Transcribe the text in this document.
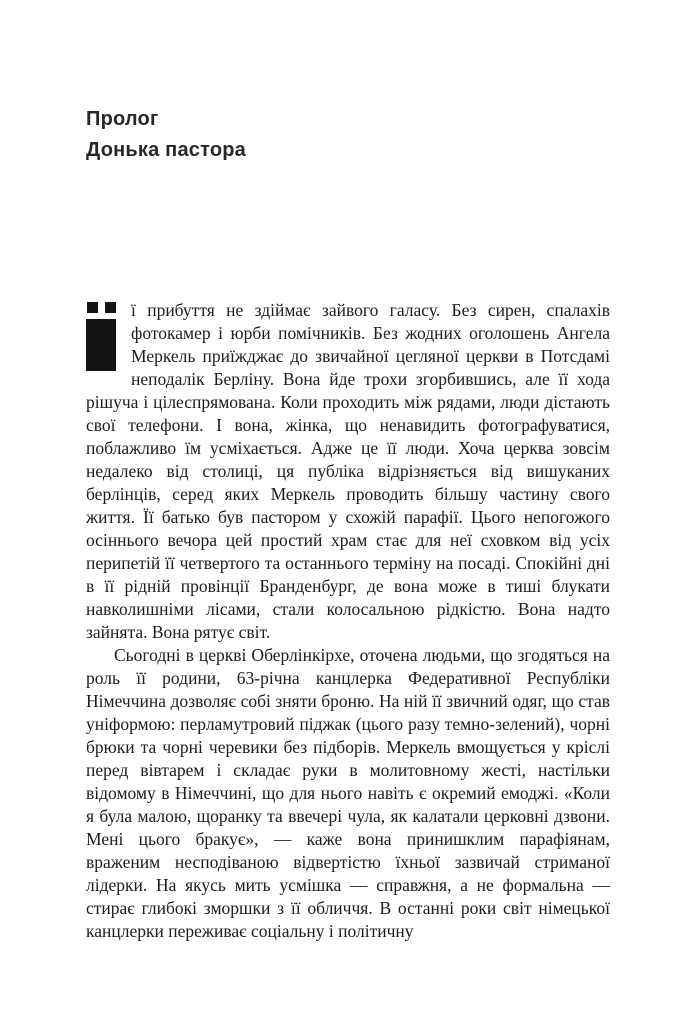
Пролог
Донька пастора

ї прибуття не здіймає зайвого галасу. Без сирен, спалахів фотокамер і юрби помічників. Без жодних оголошень Ангела Меркель приїжджає до звичайної цегляної церкви в Потсдамі неподалік Берліну. Вона йде трохи згорбившись, але її хода рішуча і цілеспрямована. Коли проходить між рядами, люди дістають свої телефони. І вона, жінка, що ненавидить фотографуватися, поблажливо їм усміхається. Адже це її люди. Хоча церква зовсім недалеко від столиці, ця публіка відрізняється від вишуканих берлінців, серед яких Меркель проводить більшу частину свого життя. Її батько був пастором у схожій парафії. Цього непогожого осіннього вечора цей простий храм стає для неї сховком від усіх перипетій її четвертого та останнього терміну на посаді. Спокійні дні в її рідній провінції Бранденбург, де вона може в тиші блукати навколишніми лісами, стали колосальною рідкістю. Вона надто зайнята. Вона рятує світ.

Сьогодні в церкві Оберлінкірхе, оточена людьми, що згодяться на роль її родини, 63-річна канцлерка Федеративної Республіки Німеччина дозволяє собі зняти броню. На ній її звичний одяг, що став уніформою: перламутровий піджак (цього разу темно-зелений), чорні брюки та чорні черевики без підборів. Меркель вмощується у кріслі перед вівтарем і складає руки в молитовному жесті, настільки відомому в Німеччині, що для нього навіть є окремий емоджі. «Коли я була малою, щоранку та ввечері чула, як калатали церковні дзвони. Мені цього бракує», — каже вона принишклим парафіянам, враженим несподіваною відвертістю їхньої зазвичай стриманої лідерки. На якусь мить усмішка — справжня, а не формальна — стирає глибокі зморшки з її обличчя. В останні роки світ німецької канцлерки переживає соціальну і політичну
